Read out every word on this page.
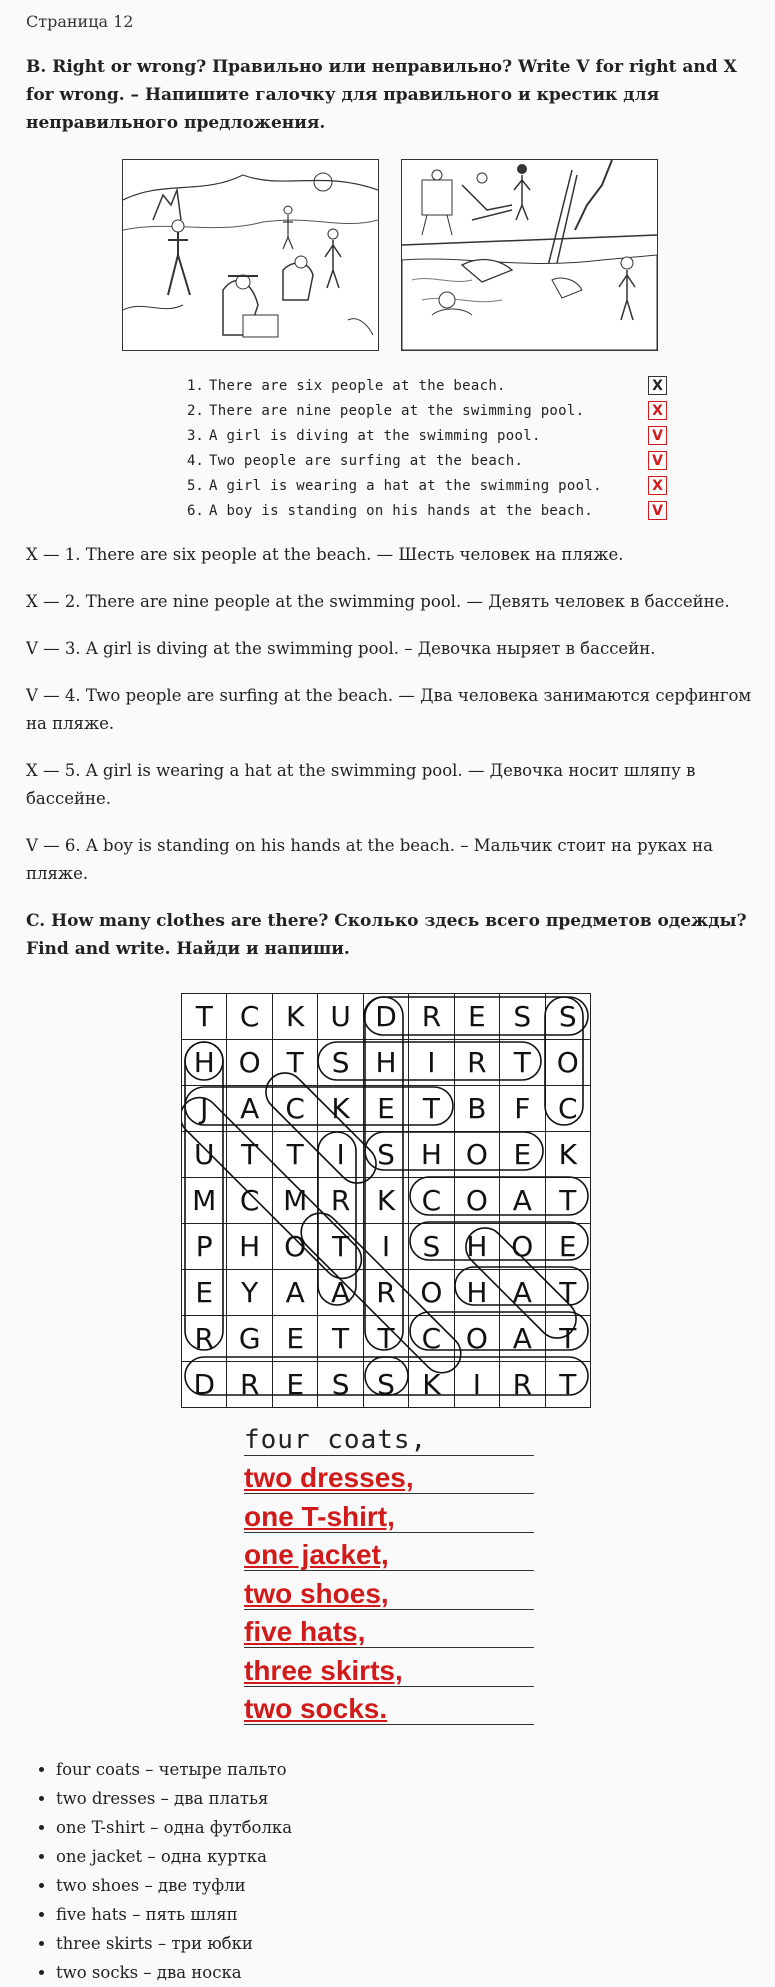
Страница 12
B. Right or wrong? Правильно или неправильно? Write V for right and X for wrong. – Напишите галочку для правильного и крестик для неправильного предложения.
1. There are six people at the beach.	X
2. There are nine people at the swimming pool.	X
3. A girl is diving at the swimming pool.	V
4. Two people are surfing at the beach.	V
5. A girl is wearing a hat at the swimming pool.	X
6. A boy is standing on his hands at the beach.	V

X — 1. There are six people at the beach. — Шесть человек на пляже.

X — 2. There are nine people at the swimming pool. — Девять человек в бассейне.

V — 3. A girl is diving at the swimming pool. – Девочка ныряет в бассейн.

V — 4. Two people are surfing at the beach. — Два человека занимаются серфингом на пляже.

X — 5. A girl is wearing a hat at the swimming pool. — Девочка носит шляпу в бассейне.

V — 6. A boy is standing on his hands at the beach. – Мальчик стоит на руках на пляже.

C. How many clothes are there? Сколько здесь всего предметов одежды? Find and write. Найди и напиши.
T	C	K	U	D	R	E	S	S
H	O	T	S	H	I	R	T	O
J	A	C	K	E	T	B	F	C
U	T	T	I	S	H	O	E	K
M	C	M	R	K	C	O	A	T
P	H	O	T	I	S	H	O	E
E	Y	A	A	R	O	H	A	T
R	G	E	T	T	C	O	A	T
D	R	E	S	S	K	I	R	T
four coats,
two dresses,
one T-shirt,
one jacket,
two shoes,
five hats,
three skirts,
two socks.
• four coats – четыре пальто
• two dresses – два платья
• one T-shirt – одна футболка
• one jacket – одна куртка
• two shoes – две туфли
• five hats – пять шляп
• three skirts – три юбки
• two socks – два носка
